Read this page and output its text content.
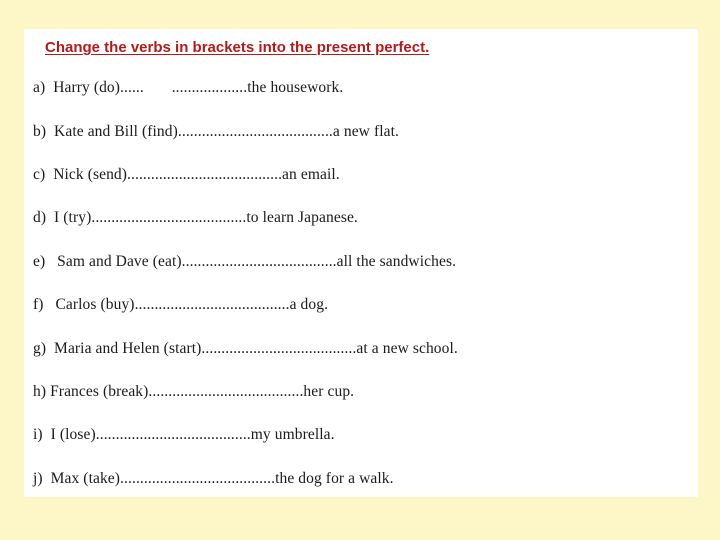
Change the verbs in brackets into the present perfect.
a)  Harry (do)......       ...................the housework.
b)  Kate and Bill (find).......................................a new flat.
c)  Nick (send).......................................an email.
d)  I (try).......................................to learn Japanese.
e)   Sam and Dave (eat).......................................all the sandwiches.
f)   Carlos (buy).......................................a dog.
g)  Maria and Helen (start).......................................at a new school.
h) Frances (break).......................................her cup.
i)  I (lose).......................................my umbrella.
j)  Max (take).......................................the dog for a walk.
